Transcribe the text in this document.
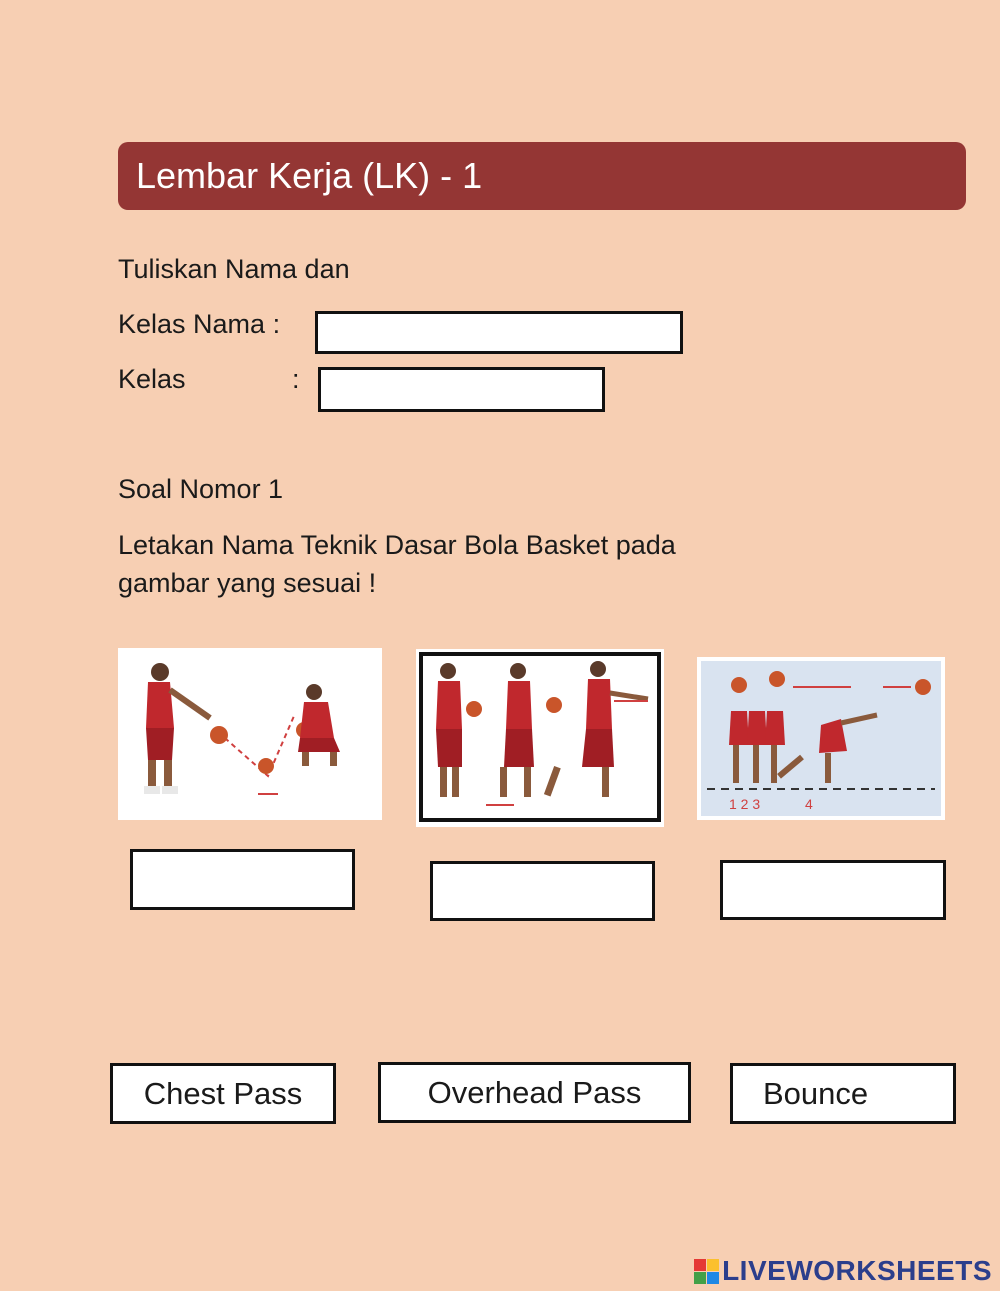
Lembar Kerja (LK) - 1
Tuliskan Nama dan
Kelas Nama :
Kelas	:
Soal Nomor 1
Letakan Nama Teknik Dasar Bola Basket pada
gambar yang sesuai !
1 2 3	4
Chest Pass	Overhead Pass	Bounce
LIVEWORKSHEETS
